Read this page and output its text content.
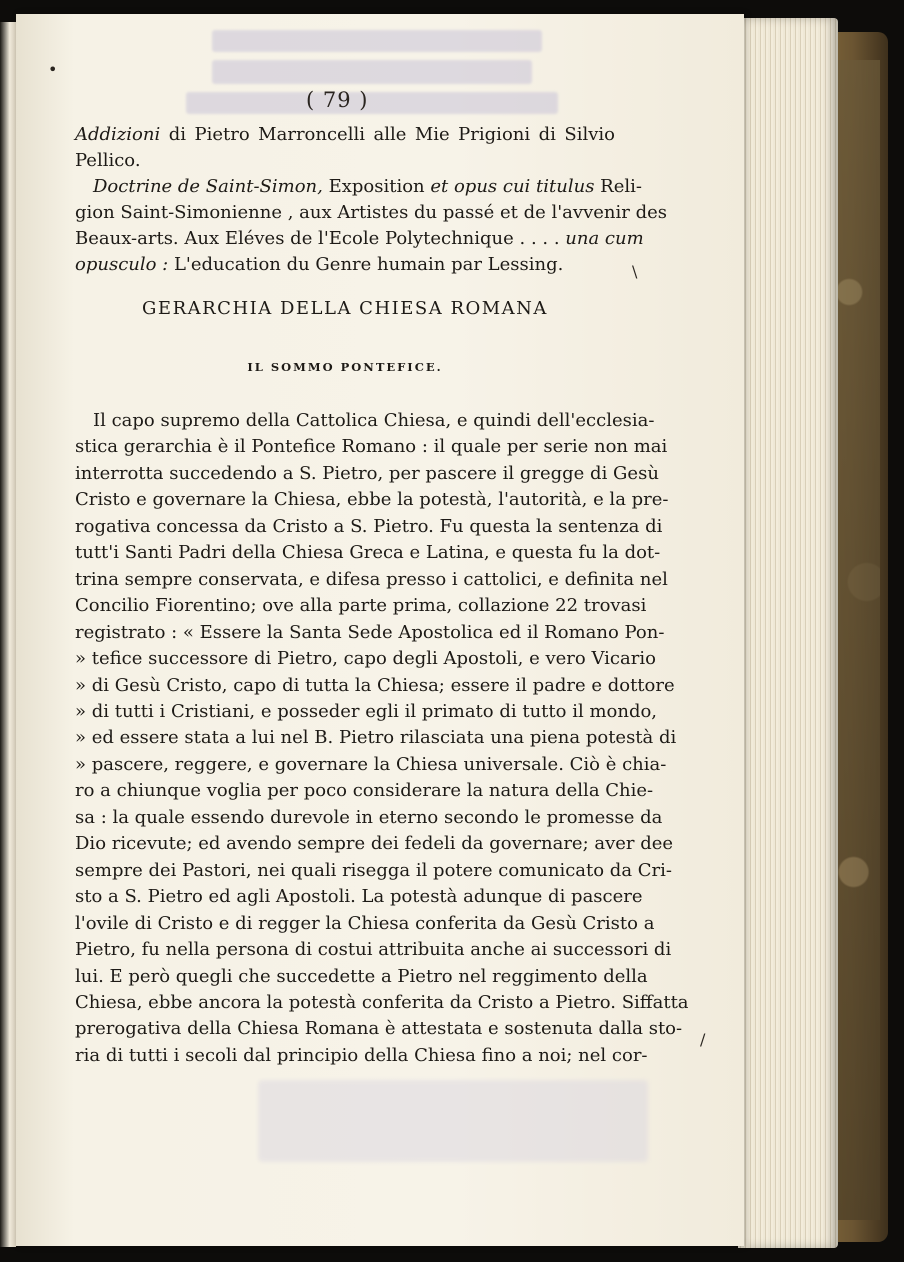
( 79 )
Addizioni di Pietro Marroncelli alle Mie Prigioni di Silvio
Pellico.
Doctrine de Saint-Simon, Exposition et opus cui titulus Reli-
gion Saint-Simonienne , aux Artistes du passé et de l'avvenir des
Beaux-arts. Aux Eléves de l'Ecole Polytechnique . . . . una cum
opusculo : L'education du Genre humain par Lessing.
GERARCHIA DELLA CHIESA ROMANA
IL SOMMO PONTEFICE.
Il capo supremo della Cattolica Chiesa, e quindi dell'ecclesia-
stica gerarchia è il Pontefice Romano : il quale per serie non mai
interrotta succedendo a S. Pietro, per pascere il gregge di Gesù
Cristo e governare la Chiesa, ebbe la potestà, l'autorità, e la pre-
rogativa concessa da Cristo a S. Pietro. Fu questa la sentenza di
tutt'i Santi Padri della Chiesa Greca e Latina, e questa fu la dot-
trina sempre conservata, e difesa presso i cattolici, e definita nel
Concilio Fiorentino; ove alla parte prima, collazione 22 trovasi
registrato : « Essere la Santa Sede Apostolica ed il Romano Pon-
» tefice successore di Pietro, capo degli Apostoli, e vero Vicario
» di Gesù Cristo, capo di tutta la Chiesa; essere il padre e dottore
» di tutti i Cristiani, e posseder egli il primato di tutto il mondo,
» ed essere stata a lui nel B. Pietro rilasciata una piena potestà di
» pascere, reggere, e governare la Chiesa universale. Ciò è chia-
ro a chiunque voglia per poco considerare la natura della Chie-
sa : la quale essendo durevole in eterno secondo le promesse da
Dio ricevute; ed avendo sempre dei fedeli da governare; aver dee
sempre dei Pastori, nei quali risegga il potere comunicato da Cri-
sto a S. Pietro ed agli Apostoli. La potestà adunque di pascere
l'ovile di Cristo e di regger la Chiesa conferita da Gesù Cristo a
Pietro, fu nella persona di costui attribuita anche ai successori di
lui. E però quegli che succedette a Pietro nel reggimento della
Chiesa, ebbe ancora la potestà conferita da Cristo a Pietro. Siffatta
prerogativa della Chiesa Romana è attestata e sostenuta dalla sto-
ria di tutti i secoli dal principio della Chiesa fino a noi; nel cor-
•
\
/
